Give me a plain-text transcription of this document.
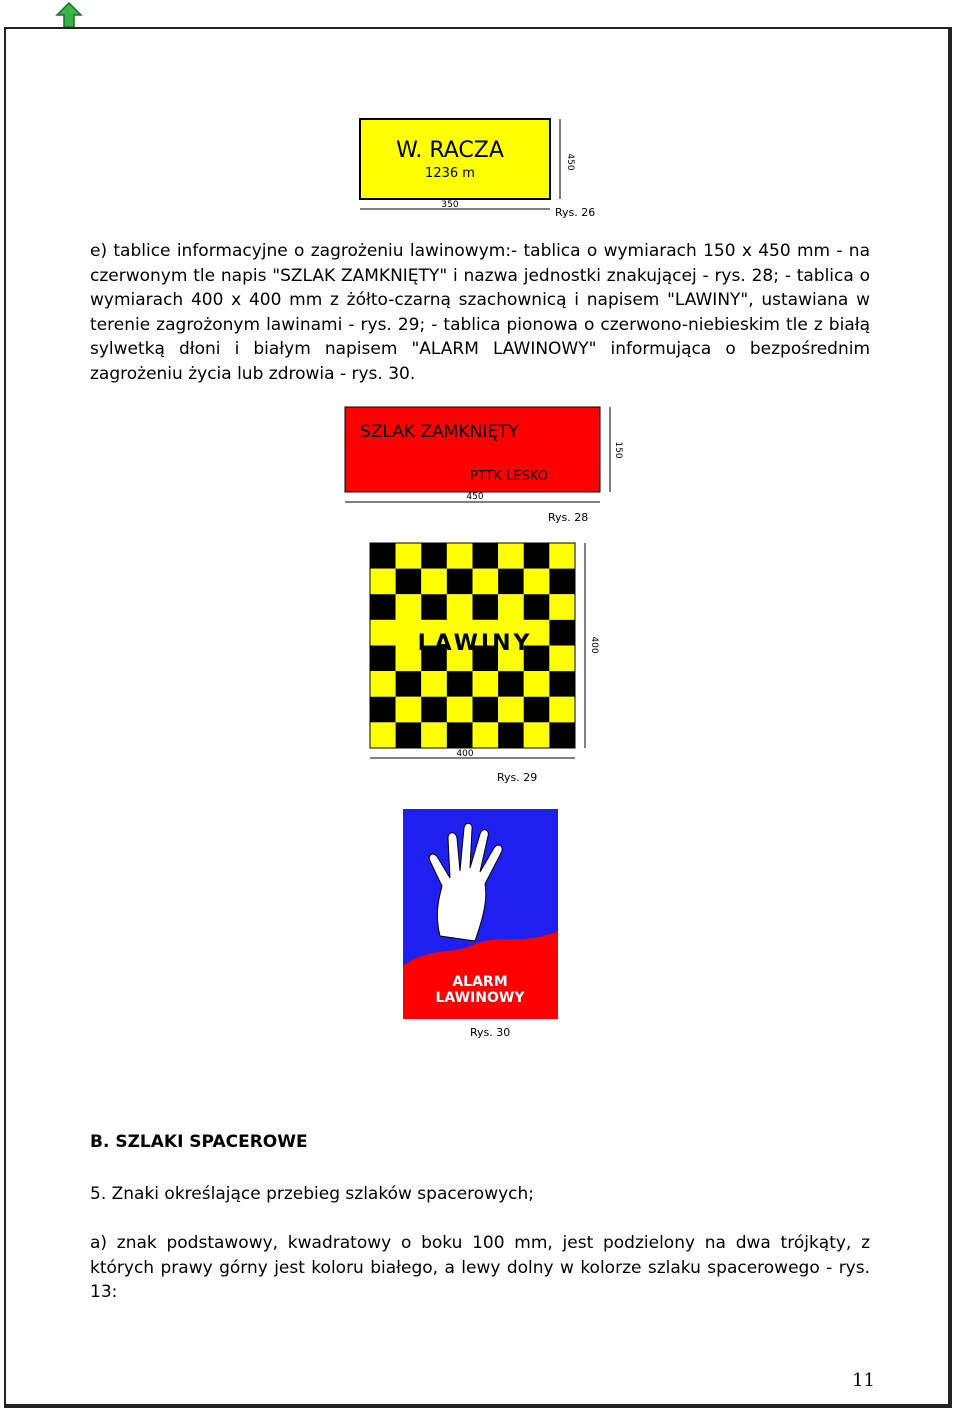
W. RACZA
1236 m
350
450
Rys. 26
e) tablice informacyjne o zagrożeniu lawinowym:- tablica o wymiarach 150 x 450 mm - na czerwonym tle napis "SZLAK ZAMKNIĘTY" i nazwa jednostki znakującej - rys. 28; - tablica o wymiarach 400 x 400 mm z żółto-czarną szachownicą i napisem "LAWINY", ustawiana w terenie zagrożonym lawinami - rys. 29; - tablica pionowa o czerwono-niebieskim tle z białą sylwetką dłoni i białym napisem "ALARM LAWINOWY" informująca o bezpośrednim zagrożeniu życia lub zdrowia - rys. 30.
SZLAK ZAMKNIĘTY
PTTK LESKO
450
150
Rys. 28
LAWINY
400
400
Rys. 29
ALARM
LAWINOWY
Rys. 30
B. SZLAKI SPACEROWE
5. Znaki określające przebieg szlaków spacerowych;
a) znak podstawowy, kwadratowy o boku 100 mm, jest podzielony na dwa trójkąty, z których prawy górny jest koloru białego, a lewy dolny w kolorze szlaku spacerowego - rys. 13:
11
